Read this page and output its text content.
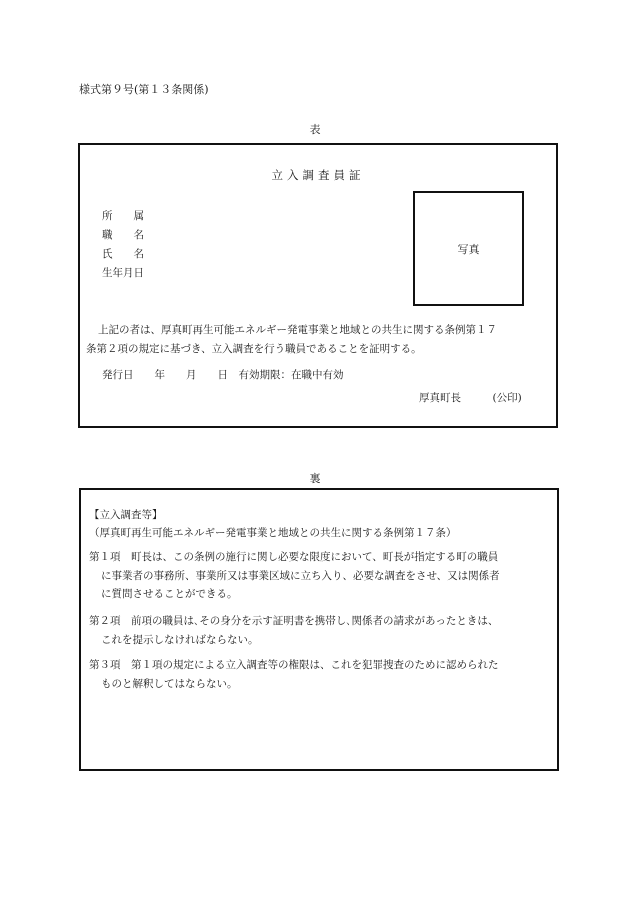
様式第９号(第１３条関係)
表
立入調査員証
所　　属
職　　名
氏　　名
生年月日
写真
上記の者は、厚真町再生可能エネルギー発電事業と地域との共生に関する条例第１７
条第２項の規定に基づき、立入調査を行う職員であることを証明する。
発行日　　年　　月　　日　有効期限：在職中有効
厚真町長　　　(公印)
裏
【立入調査等】
（厚真町再生可能エネルギー発電事業と地域との共生に関する条例第１７条）
第１項　町長は、この条例の施行に関し必要な限度において、町長が指定する町の職員
に事業者の事務所、事業所又は事業区域に立ち入り、必要な調査をさせ、又は関係者
に質問させることができる。
第２項　前項の職員は､その身分を示す証明書を携帯し､関係者の請求があったときは、
これを提示しなければならない。
第３項　第１項の規定による立入調査等の権限は、これを犯罪捜査のために認められた
ものと解釈してはならない。
